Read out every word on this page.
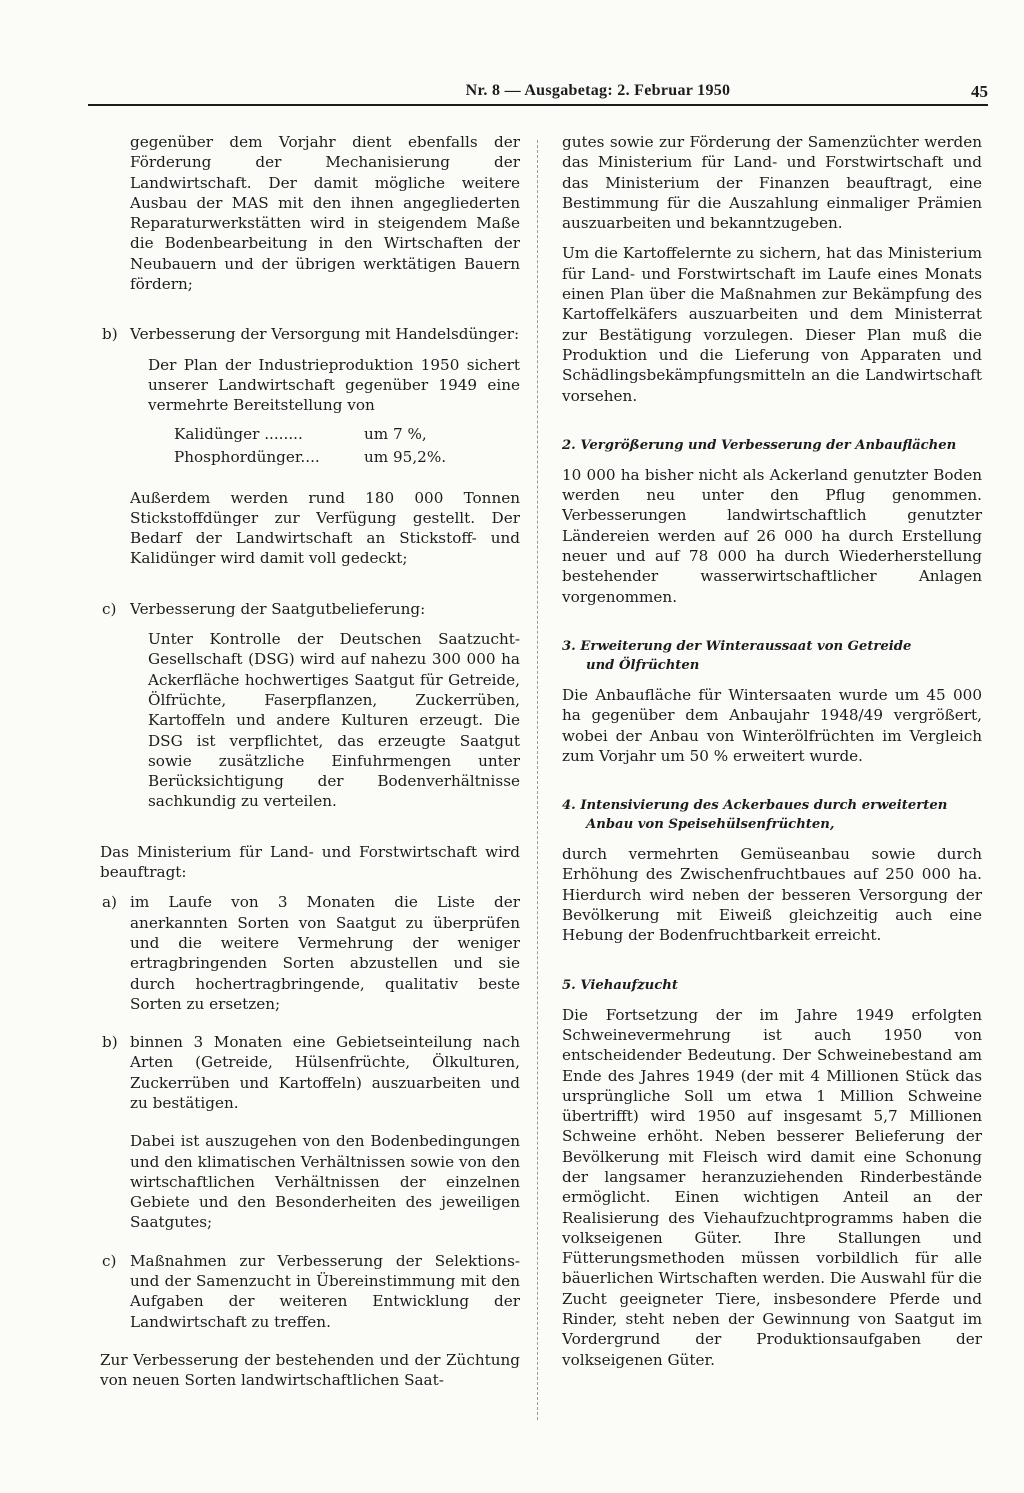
Nr. 8 — Ausgabetag: 2. Februar 1950	45

gegenüber dem Vorjahr dient ebenfalls der Förderung der Mechanisierung der Landwirtschaft. Der damit mögliche weitere Ausbau der MAS mit den ihnen angegliederten Reparaturwerkstätten wird in steigendem Maße die Bodenbearbeitung in den Wirtschaften der Neubauern und der übrigen werktätigen Bauern fördern;

b) Verbesserung der Versorgung mit Handelsdünger:

Der Plan der Industrieproduktion 1950 sichert unserer Landwirtschaft gegenüber 1949 eine vermehrte Bereitstellung von

Kalidünger ........	um 7 %,
Phosphordünger....	um 95,2%.

Außerdem werden rund 180 000 Tonnen Stickstoffdünger zur Verfügung gestellt. Der Bedarf der Landwirtschaft an Stickstoff- und Kalidünger wird damit voll gedeckt;

c) Verbesserung der Saatgutbelieferung:

Unter Kontrolle der Deutschen Saatzucht-Gesellschaft (DSG) wird auf nahezu 300 000 ha Ackerfläche hochwertiges Saatgut für Getreide, Ölfrüchte, Faserpflanzen, Zuckerrüben, Kartoffeln und andere Kulturen erzeugt. Die DSG ist verpflichtet, das erzeugte Saatgut sowie zusätzliche Einfuhrmengen unter Berücksichtigung der Bodenverhältnisse sachkundig zu verteilen.

Das Ministerium für Land- und Forstwirtschaft wird beauftragt:

a) im Laufe von 3 Monaten die Liste der anerkannten Sorten von Saatgut zu überprüfen und die weitere Vermehrung der weniger ertragbringenden Sorten abzustellen und sie durch hochertragbringende, qualitativ beste Sorten zu ersetzen;
b) binnen 3 Monaten eine Gebietseinteilung nach Arten (Getreide, Hülsenfrüchte, Ölkulturen, Zuckerrüben und Kartoffeln) auszuarbeiten und zu bestätigen.

Dabei ist auszugehen von den Bodenbedingungen und den klimatischen Verhältnissen sowie von den wirtschaftlichen Verhältnissen der einzelnen Gebiete und den Besonderheiten des jeweiligen Saatgutes;

c) Maßnahmen zur Verbesserung der Selektions- und der Samenzucht in Übereinstimmung mit den Aufgaben der weiteren Entwicklung der Landwirtschaft zu treffen.

Zur Verbesserung der bestehenden und der Züchtung von neuen Sorten landwirtschaftlichen Saat-

gutes sowie zur Förderung der Samenzüchter werden das Ministerium für Land- und Forstwirtschaft und das Ministerium der Finanzen beauftragt, eine Bestimmung für die Auszahlung einmaliger Prämien auszuarbeiten und bekanntzugeben.

Um die Kartoffelernte zu sichern, hat das Ministerium für Land- und Forstwirtschaft im Laufe eines Monats einen Plan über die Maßnahmen zur Bekämpfung des Kartoffelkäfers auszuarbeiten und dem Ministerrat zur Bestätigung vorzulegen. Dieser Plan muß die Produktion und die Lieferung von Apparaten und Schädlingsbekämpfungsmitteln an die Landwirtschaft vorsehen.

2. Vergrößerung und Verbesserung der Anbauflächen

10 000 ha bisher nicht als Ackerland genutzter Boden werden neu unter den Pflug genommen. Verbesserungen landwirtschaftlich genutzter Ländereien werden auf 26 000 ha durch Erstellung neuer und auf 78 000 ha durch Wiederherstellung bestehender wasserwirtschaftlicher Anlagen vorgenommen.

3. Erweiterung der Winteraussaat von Getreide
und Ölfrüchten

Die Anbaufläche für Wintersaaten wurde um 45 000 ha gegenüber dem Anbaujahr 1948/49 vergrößert, wobei der Anbau von Winterölfrüchten im Vergleich zum Vorjahr um 50 % erweitert wurde.

4. Intensivierung des Ackerbaues durch erweiterten
Anbau von Speisehülsenfrüchten,

durch vermehrten Gemüseanbau sowie durch Erhöhung des Zwischenfruchtbaues auf 250 000 ha. Hierdurch wird neben der besseren Versorgung der Bevölkerung mit Eiweiß gleichzeitig auch eine Hebung der Bodenfruchtbarkeit erreicht.

5. Viehaufzucht

Die Fortsetzung der im Jahre 1949 erfolgten Schweinevermehrung ist auch 1950 von entscheidender Bedeutung. Der Schweinebestand am Ende des Jahres 1949 (der mit 4 Millionen Stück das ursprüngliche Soll um etwa 1 Million Schweine übertrifft) wird 1950 auf insgesamt 5,7 Millionen Schweine erhöht. Neben besserer Belieferung der Bevölkerung mit Fleisch wird damit eine Schonung der langsamer heranzuziehenden Rinderbestände ermöglicht. Einen wichtigen Anteil an der Realisierung des Viehaufzuchtprogramms haben die volkseigenen Güter. Ihre Stallungen und Fütterungsmethoden müssen vorbildlich für alle bäuerlichen Wirtschaften werden. Die Auswahl für die Zucht geeigneter Tiere, insbesondere Pferde und Rinder, steht neben der Gewinnung von Saatgut im Vordergrund der Produktionsaufgaben der volkseigenen Güter.
